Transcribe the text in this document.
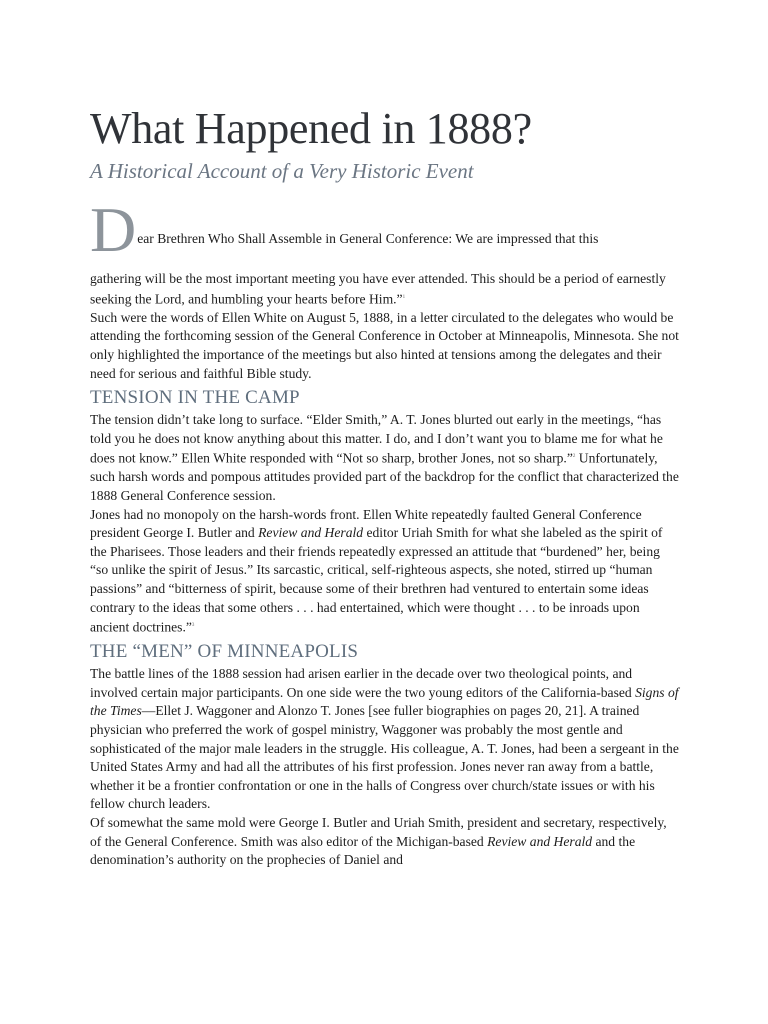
What Happened in 1888?
A Historical Account of a Very Historic Event
D ear Brethren Who Shall Assemble in General Conference: We are impressed that this

gathering will be the most important meeting you have ever attended. This should be a period of earnestly seeking the Lord, and humbling your hearts before Him.”$^1$

Such were the words of Ellen White on August 5, 1888, in a letter circulated to the delegates who would be attending the forthcoming session of the General Conference in October at Minneapolis, Minnesota. She not only highlighted the importance of the meetings but also hinted at tensions among the delegates and their need for serious and faithful Bible study.

TENSION IN THE CAMP

The tension didn’t take long to surface. “Elder Smith,” A. T. Jones blurted out early in the meetings, “has told you he does not know anything about this matter. I do, and I don’t want you to blame me for what he does not know.” Ellen White responded with “Not so sharp, brother Jones, not so sharp.”$^2$ Unfortunately, such harsh words and pompous attitudes provided part of the backdrop for the conflict that characterized the 1888 General Conference session.

Jones had no monopoly on the harsh-words front. Ellen White repeatedly faulted General Conference president George I. Butler and Review and Herald editor Uriah Smith for what she labeled as the spirit of the Pharisees. Those leaders and their friends repeatedly expressed an attitude that “burdened” her, being “so unlike the spirit of Jesus.” Its sarcastic, critical, self-righteous aspects, she noted, stirred up “human passions” and “bitterness of spirit, because some of their brethren had ventured to entertain some ideas contrary to the ideas that some others . . . had entertained, which were thought . . . to be inroads upon ancient doctrines.”$^3$

THE “MEN” OF MINNEAPOLIS

The battle lines of the 1888 session had arisen earlier in the decade over two theological points, and involved certain major participants. On one side were the two young editors of the California-based Signs of the Times—Ellet J. Waggoner and Alonzo T. Jones [see fuller biographies on pages 20, 21]. A trained physician who preferred the work of gospel ministry, Waggoner was probably the most gentle and sophisticated of the major male leaders in the struggle. His colleague, A. T. Jones, had been a sergeant in the United States Army and had all the attributes of his first profession. Jones never ran away from a battle, whether it be a frontier confrontation or one in the halls of Congress over church/state issues or with his fellow church leaders.

Of somewhat the same mold were George I. Butler and Uriah Smith, president and secretary, respectively, of the General Conference. Smith was also editor of the Michigan-based Review and Herald and the denomination’s authority on the prophecies of Daniel and
